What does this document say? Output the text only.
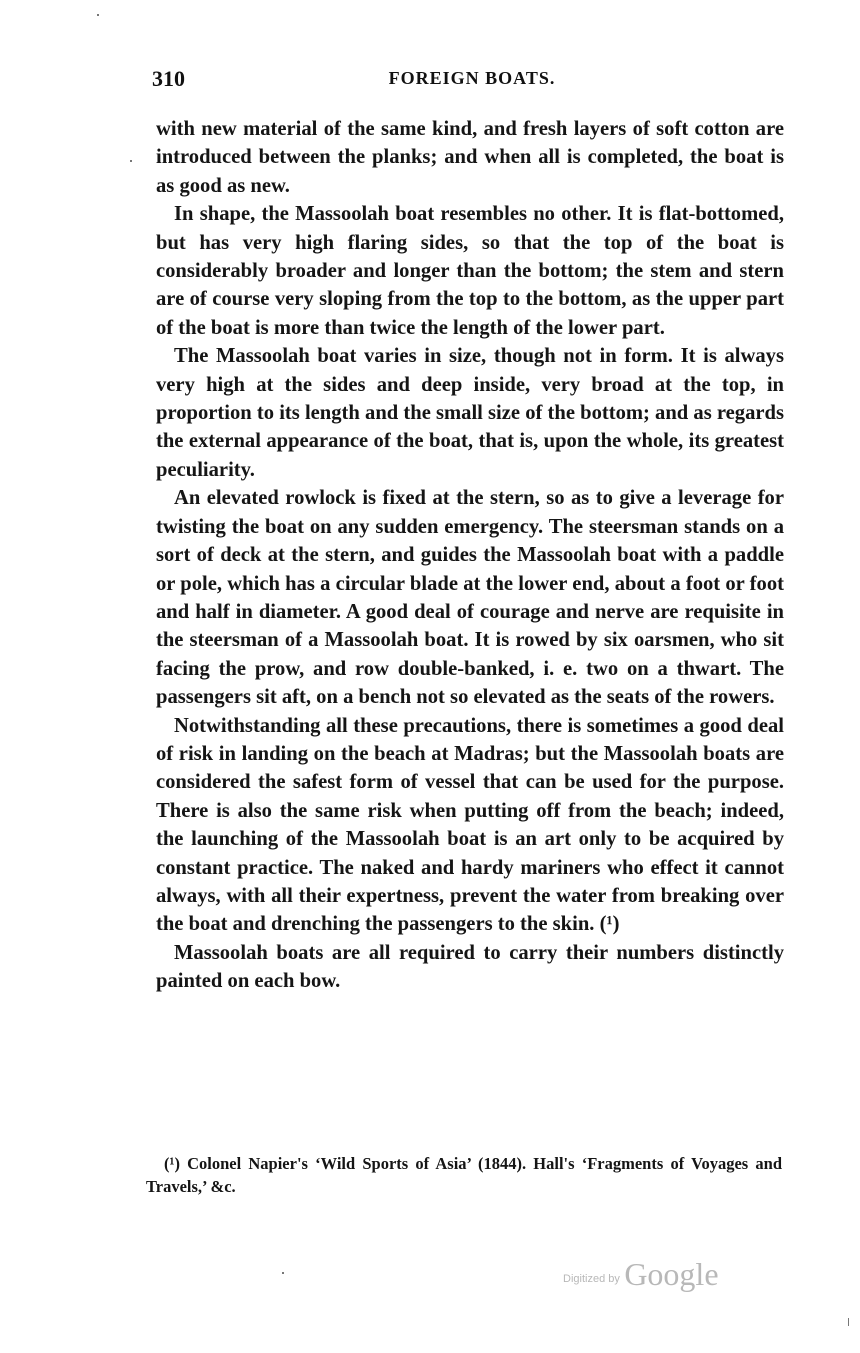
310	FOREIGN BOATS.

with new material of the same kind, and fresh layers of soft cotton are introduced between the planks; and when all is completed, the boat is as good as new.

In shape, the Massoolah boat resembles no other. It is flat-bottomed, but has very high flaring sides, so that the top of the boat is considerably broader and longer than the bottom; the stem and stern are of course very sloping from the top to the bottom, as the upper part of the boat is more than twice the length of the lower part.

The Massoolah boat varies in size, though not in form. It is always very high at the sides and deep inside, very broad at the top, in proportion to its length and the small size of the bottom; and as regards the external appearance of the boat, that is, upon the whole, its greatest peculiarity.

An elevated rowlock is fixed at the stern, so as to give a leverage for twisting the boat on any sudden emergency. The steersman stands on a sort of deck at the stern, and guides the Massoolah boat with a paddle or pole, which has a circular blade at the lower end, about a foot or foot and half in diameter. A good deal of courage and nerve are requisite in the steersman of a Massoolah boat. It is rowed by six oarsmen, who sit facing the prow, and row double-banked, i. e. two on a thwart. The passengers sit aft, on a bench not so elevated as the seats of the rowers.

Notwithstanding all these precautions, there is sometimes a good deal of risk in landing on the beach at Madras; but the Massoolah boats are considered the safest form of vessel that can be used for the purpose. There is also the same risk when putting off from the beach; indeed, the launching of the Massoolah boat is an art only to be acquired by constant practice. The naked and hardy mariners who effect it cannot always, with all their expertness, prevent the water from breaking over the boat and drenching the passengers to the skin. (¹)

Massoolah boats are all required to carry their numbers distinctly painted on each bow.

(¹) Colonel Napier's ‘Wild Sports of Asia’ (1844). Hall's ‘Fragments of Voyages and Travels,’ &c.

Digitized by Google
